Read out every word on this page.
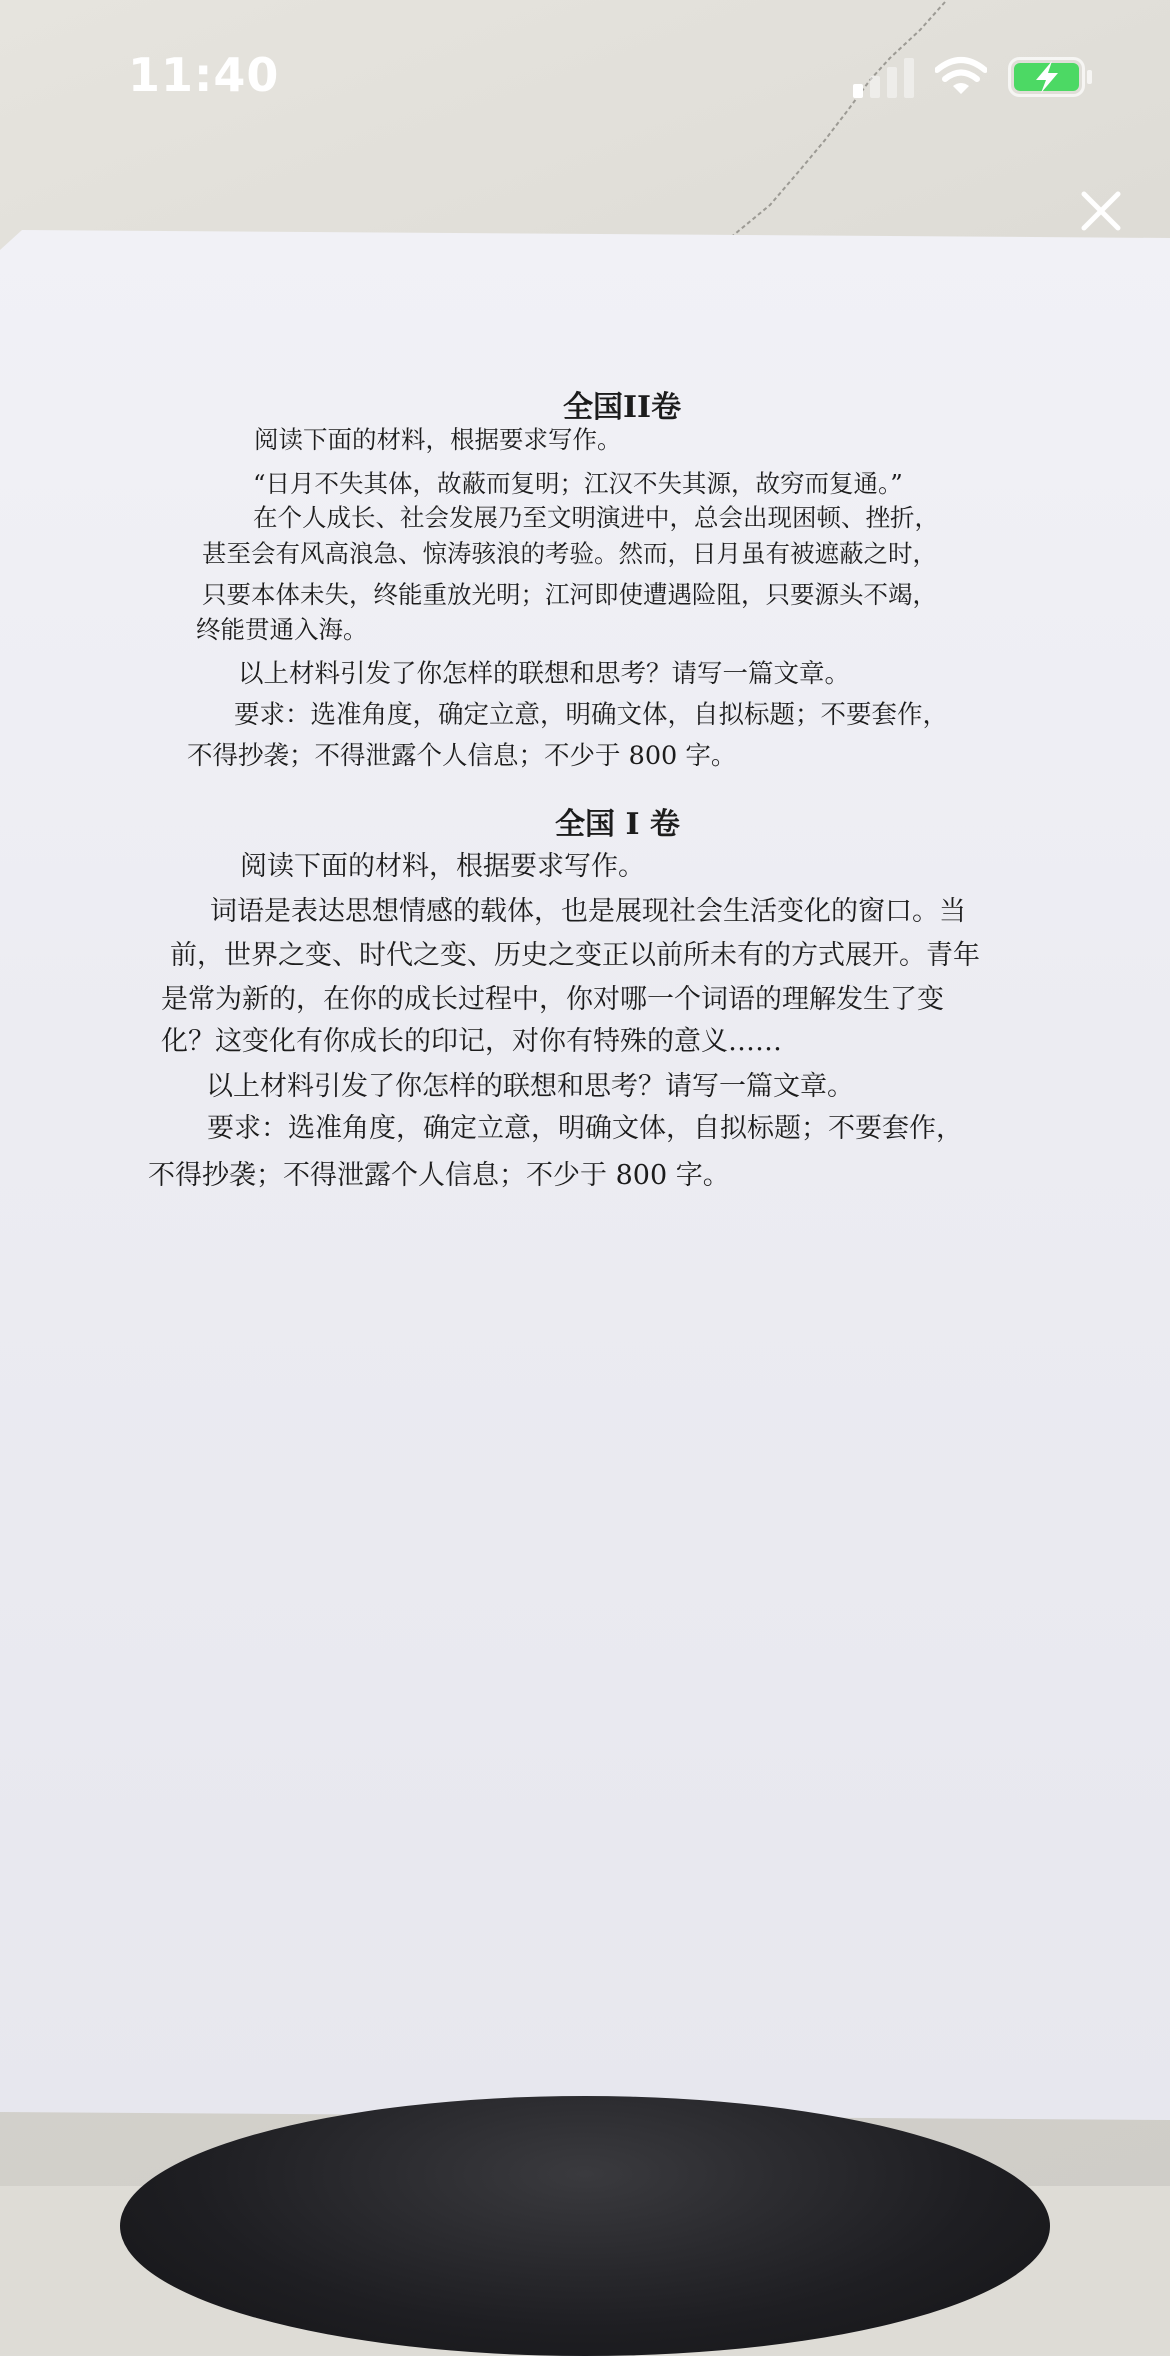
全国II卷
阅读下面的材料，根据要求写作。
“日月不失其体，故蔽而复明；江汉不失其源，故穷而复通。”
在个人成长、社会发展乃至文明演进中，总会出现困顿、挫折，
甚至会有风高浪急、惊涛骇浪的考验。然而，日月虽有被遮蔽之时，
只要本体未失，终能重放光明；江河即使遭遇险阻，只要源头不竭，
终能贯通入海。
以上材料引发了你怎样的联想和思考？请写一篇文章。
要求：选准角度，确定立意，明确文体，自拟标题；不要套作，
不得抄袭；不得泄露个人信息；不少于 800 字。
全国 I 卷
阅读下面的材料，根据要求写作。
词语是表达思想情感的载体，也是展现社会生活变化的窗口。当
前，世界之变、时代之变、历史之变正以前所未有的方式展开。青年
是常为新的，在你的成长过程中，你对哪一个词语的理解发生了变
化？这变化有你成长的印记，对你有特殊的意义……
以上材料引发了你怎样的联想和思考？请写一篇文章。
要求：选准角度，确定立意，明确文体，自拟标题；不要套作，
不得抄袭；不得泄露个人信息；不少于 800 字。
11:40
